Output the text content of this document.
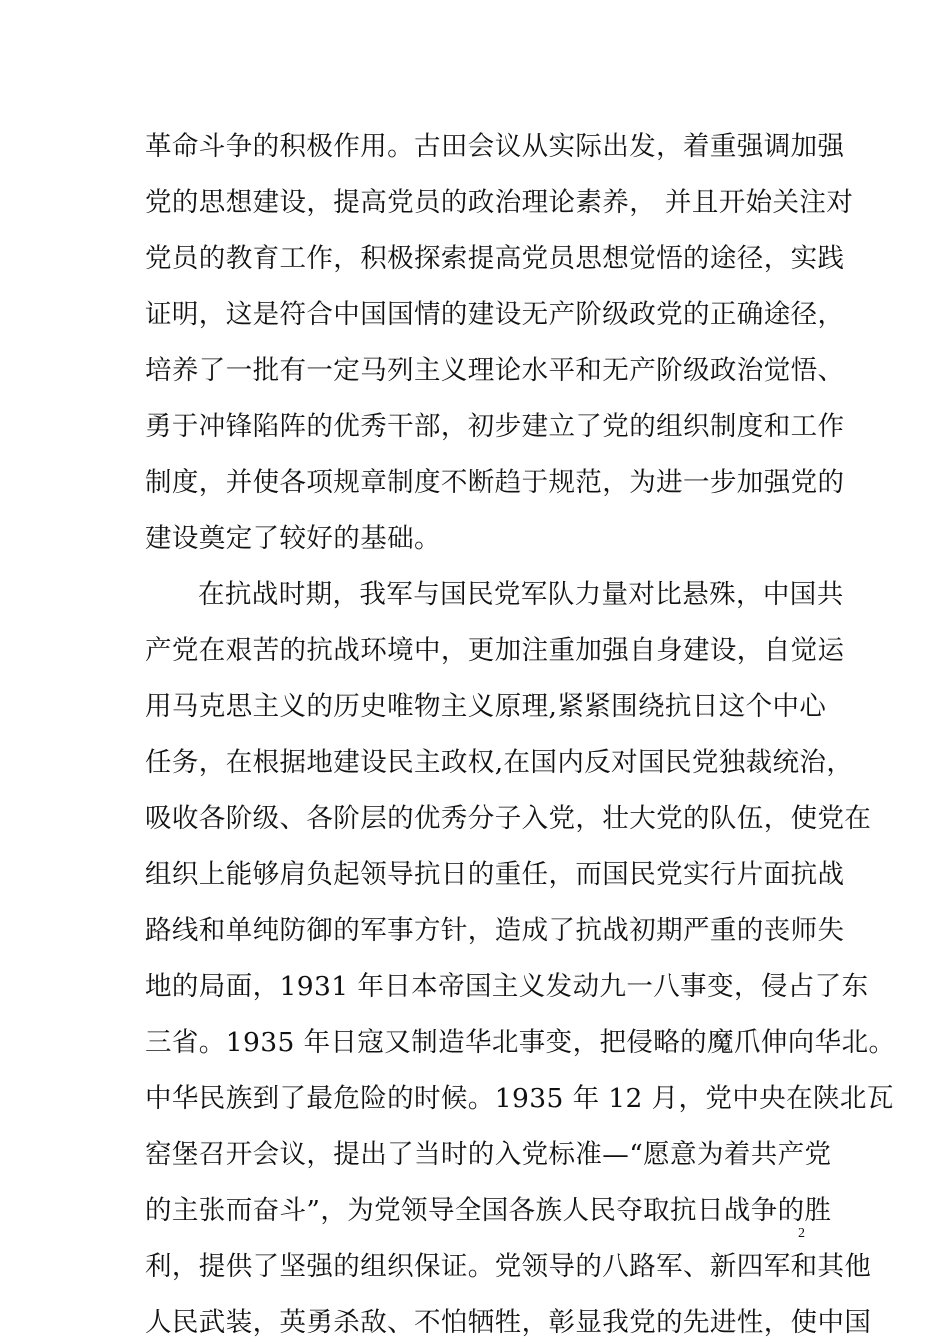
革命斗争的积极作用。古田会议从实际出发，着重强调加强
党的思想建设，提高党员的政治理论素养， 并且开始关注对
党员的教育工作，积极探索提高党员思想觉悟的途径，实践
证明，这是符合中国国情的建设无产阶级政党的正确途径，
培养了一批有一定马列主义理论水平和无产阶级政治觉悟、
勇于冲锋陷阵的优秀干部，初步建立了党的组织制度和工作
制度，并使各项规章制度不断趋于规范，为进一步加强党的
建设奠定了较好的基础。
在抗战时期，我军与国民党军队力量对比悬殊，中国共
产党在艰苦的抗战环境中，更加注重加强自身建设，自觉运
用马克思主义的历史唯物主义原理,紧紧围绕抗日这个中心
任务，在根据地建设民主政权,在国内反对国民党独裁统治，
吸收各阶级、各阶层的优秀分子入党，壮大党的队伍，使党在
组织上能够肩负起领导抗日的重任，而国民党实行片面抗战
路线和单纯防御的军事方针，造成了抗战初期严重的丧师失
地的局面，1931 年日本帝国主义发动九一八事变，侵占了东
三省。1935 年日寇又制造华北事变，把侵略的魔爪伸向华北。
中华民族到了最危险的时候。1935 年 12 月，党中央在陕北瓦
窑堡召开会议，提出了当时的入党标准—“愿意为着共产党
的主张而奋斗”，为党领导全国各族人民夺取抗日战争的胜
利，提供了坚强的组织保证。党领导的八路军、新四军和其他
人民武装，英勇杀敌、不怕牺牲，彰显我党的先进性，使中国
2
